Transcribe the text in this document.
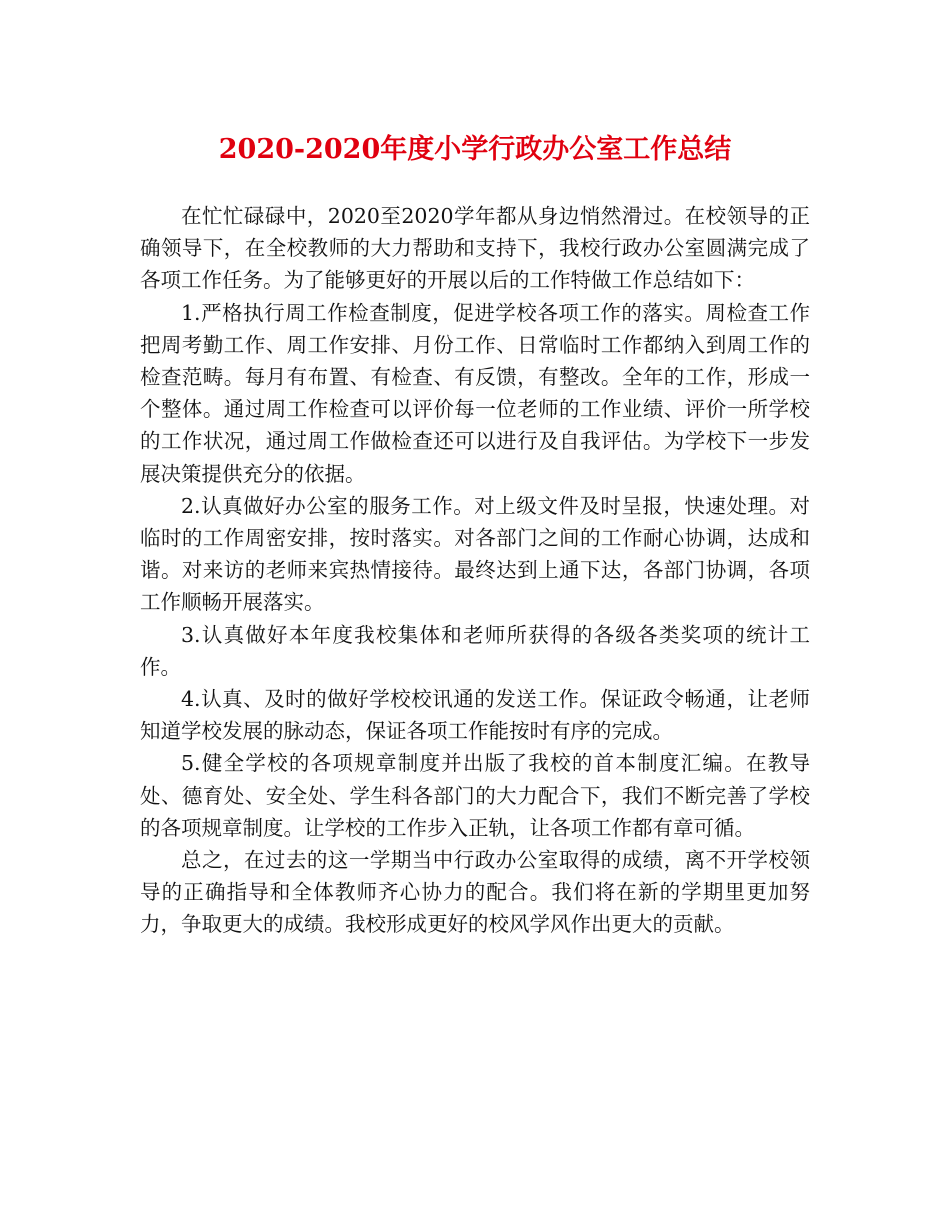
2020-2020年度小学行政办公室工作总结

在忙忙碌碌中，2020至2020学年都从身边悄然滑过。在校领导的正确领导下，在全校教师的大力帮助和支持下，我校行政办公室圆满完成了各项工作任务。为了能够更好的开展以后的工作特做工作总结如下：

1.严格执行周工作检查制度，促进学校各项工作的落实。周检查工作把周考勤工作、周工作安排、月份工作、日常临时工作都纳入到周工作的检查范畴。每月有布置、有检查、有反馈，有整改。全年的工作，形成一个整体。通过周工作检查可以评价每一位老师的工作业绩、评价一所学校的工作状况，通过周工作做检查还可以进行及自我评估。为学校下一步发展决策提供充分的依据。

2.认真做好办公室的服务工作。对上级文件及时呈报，快速处理。对临时的工作周密安排，按时落实。对各部门之间的工作耐心协调，达成和谐。对来访的老师来宾热情接待。最终达到上通下达，各部门协调，各项工作顺畅开展落实。

3.认真做好本年度我校集体和老师所获得的各级各类奖项的统计工作。

4.认真、及时的做好学校校讯通的发送工作。保证政令畅通，让老师知道学校发展的脉动态，保证各项工作能按时有序的完成。

5.健全学校的各项规章制度并出版了我校的首本制度汇编。在教导处、德育处、安全处、学生科各部门的大力配合下，我们不断完善了学校的各项规章制度。让学校的工作步入正轨，让各项工作都有章可循。

总之，在过去的这一学期当中行政办公室取得的成绩，离不开学校领导的正确指导和全体教师齐心协力的配合。我们将在新的学期里更加努力，争取更大的成绩。我校形成更好的校风学风作出更大的贡献。
